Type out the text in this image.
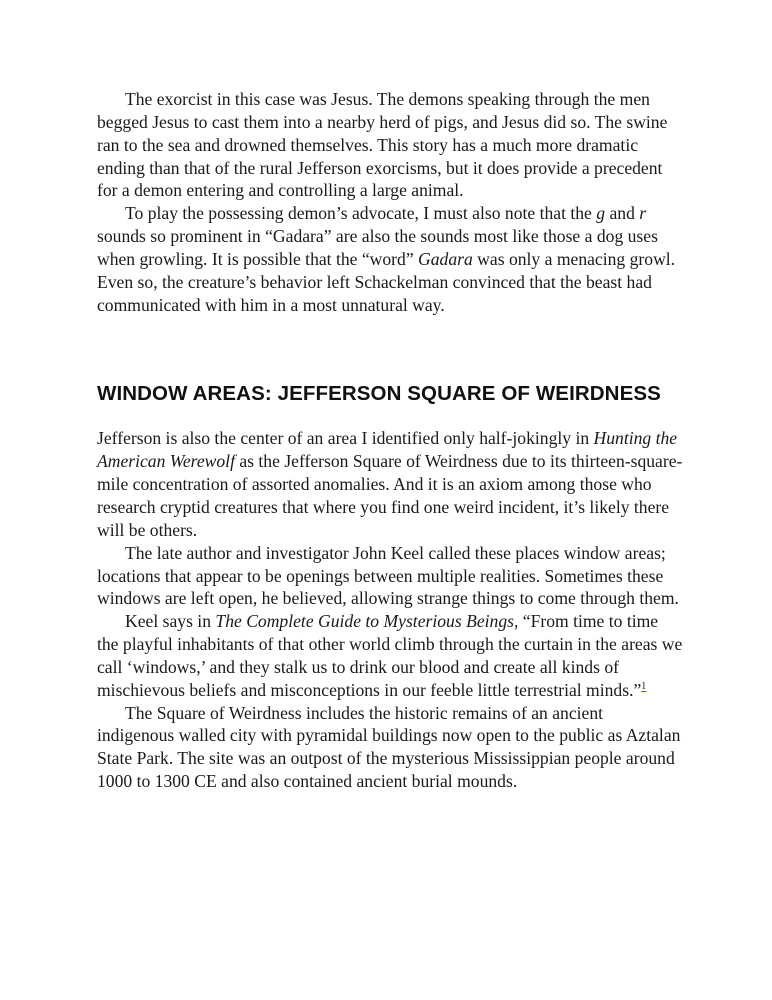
The exorcist in this case was Jesus. The demons speaking through the men begged Jesus to cast them into a nearby herd of pigs, and Jesus did so. The swine ran to the sea and drowned themselves. This story has a much more dramatic ending than that of the rural Jefferson exorcisms, but it does provide a precedent for a demon entering and controlling a large animal.

To play the possessing demon’s advocate, I must also note that the g and r sounds so prominent in “Gadara” are also the sounds most like those a dog uses when growling. It is possible that the “word” Gadara was only a menacing growl. Even so, the creature’s behavior left Schackelman convinced that the beast had communicated with him in a most unnatural way.

WINDOW AREAS: JEFFERSON SQUARE OF WEIRDNESS

Jefferson is also the center of an area I identified only half-jokingly in Hunting the American Werewolf as the Jefferson Square of Weirdness due to its thirteen-square-mile concentration of assorted anomalies. And it is an axiom among those who research cryptid creatures that where you find one weird incident, it’s likely there will be others.

The late author and investigator John Keel called these places window areas; locations that appear to be openings between multiple realities. Sometimes these windows are left open, he believed, allowing strange things to come through them.

Keel says in The Complete Guide to Mysterious Beings, “From time to time the playful inhabitants of that other world climb through the curtain in the areas we call ‘windows,’ and they stalk us to drink our blood and create all kinds of mischievous beliefs and misconceptions in our feeble little terrestrial minds.”$^1$

The Square of Weirdness includes the historic remains of an ancient indigenous walled city with pyramidal buildings now open to the public as Aztalan State Park. The site was an outpost of the mysterious Mississippian people around 1000 to 1300 CE and also contained ancient burial mounds.
